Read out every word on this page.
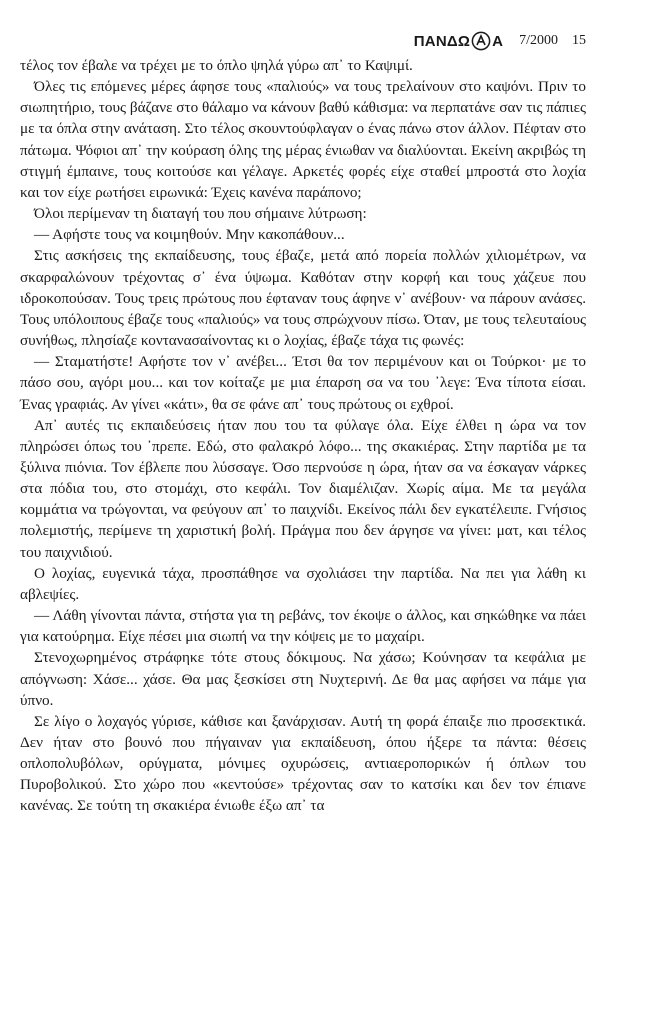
ΠΑΝΔΩ Α 7/2000 15

τέλος τον έβαλε να τρέχει με το όπλο ψηλά γύρω απ᾿ το Καψιμί.

Όλες τις επόμενες μέρες άφησε τους «παλιούς» να τους τρελαίνουν στο καψόνι. Πριν το σιωπητήριο, τους βάζανε στο θάλαμο να κάνουν βαθύ κάθισμα: να περπατάνε σαν τις πάπιες με τα όπλα στην ανάταση. Στο τέλος σκουντούφλαγαν ο ένας πάνω στον άλλον. Πέφταν στο πάτωμα. Ψόφιοι απ᾿ την κούραση όλης της μέρας ένιωθαν να διαλύονται. Εκείνη ακριβώς τη στιγμή έμπαινε, τους κοιτούσε και γέλαγε. Αρκετές φορές είχε σταθεί μπροστά στο λοχία και τον είχε ρωτήσει ειρωνικά: Έχεις κανένα παράπονο;

Όλοι περίμεναν τη διαταγή του που σήμαινε λύτρωση:

— Αφήστε τους να κοιμηθούν. Μην κακοπάθουν...

Στις ασκήσεις της εκπαίδευσης, τους έβαζε, μετά από πορεία πολλών χιλιομέτρων, να σκαρφαλώνουν τρέχοντας σ᾿ ένα ύψωμα. Καθόταν στην κορφή και τους χάζευε που ιδροκοπούσαν. Τους τρεις πρώτους που έφταναν τους άφηνε ν᾿ ανέβουν· να πάρουν ανάσες. Τους υπόλοιπους έβαζε τους «παλιούς» να τους σπρώχνουν πίσω. Όταν, με τους τελευταίους συνήθως, πλησίαζε κοντανασαίνοντας κι ο λοχίας, έβαζε τάχα τις φωνές:

— Σταματήστε! Αφήστε τον ν᾿ ανέβει... Έτσι θα τον περιμένουν και οι Τούρκοι· με το πάσο σου, αγόρι μου... και τον κοίταζε με μια έπαρση σα να του ᾿λεγε: Ένα τίποτα είσαι. Ένας γραφιάς. Αν γίνει «κάτι», θα σε φάνε απ᾿ τους πρώτους οι εχθροί.

Απ᾿ αυτές τις εκπαιδεύσεις ήταν που του τα φύλαγε όλα. Είχε έλθει η ώρα να τον πληρώσει όπως του ᾿πρεπε. Εδώ, στο φαλακρό λόφο... της σκακιέρας. Στην παρτίδα με τα ξύλινα πιόνια. Τον έβλεπε που λύσσαγε. Όσο περνούσε η ώρα, ήταν σα να έσκαγαν νάρκες στα πόδια του, στο στομάχι, στο κεφάλι. Τον διαμέλιζαν. Χωρίς αίμα. Με τα μεγάλα κομμάτια να τρώγονται, να φεύγουν απ᾿ το παιχνίδι. Εκείνος πάλι δεν εγκατέλειπε. Γνήσιος πολεμιστής, περίμενε τη χαριστική βολή. Πράγμα που δεν άργησε να γίνει: ματ, και τέλος του παιχνιδιού.

Ο λοχίας, ευγενικά τάχα, προσπάθησε να σχολιάσει την παρτίδα. Να πει για λάθη κι αβλεψίες.

— Λάθη γίνονται πάντα, στήστα για τη ρεβάνς, τον έκοψε ο άλλος, και σηκώθηκε να πάει για κατούρημα. Είχε πέσει μια σιωπή να την κόψεις με το μαχαίρι.

Στενοχωρημένος στράφηκε τότε στους δόκιμους. Να χάσω; Κούνησαν τα κεφάλια με απόγνωση: Χάσε... χάσε. Θα μας ξεσκίσει στη Νυχτερινή. Δε θα μας αφήσει να πάμε για ύπνο.

Σε λίγο ο λοχαγός γύρισε, κάθισε και ξανάρχισαν. Αυτή τη φορά έπαιξε πιο προσεκτικά. Δεν ήταν στο βουνό που πήγαιναν για εκπαίδευση, όπου ήξερε τα πάντα: θέσεις οπλοπολυβόλων, ορύγματα, μόνιμες οχυρώσεις, αντιαεροπορικών ή όπλων του Πυροβολικού. Στο χώρο που «κεντούσε» τρέχοντας σαν το κατσίκι και δεν τον έπιανε κανένας. Σε τούτη τη σκακιέρα ένιωθε έξω απ᾿ τα
